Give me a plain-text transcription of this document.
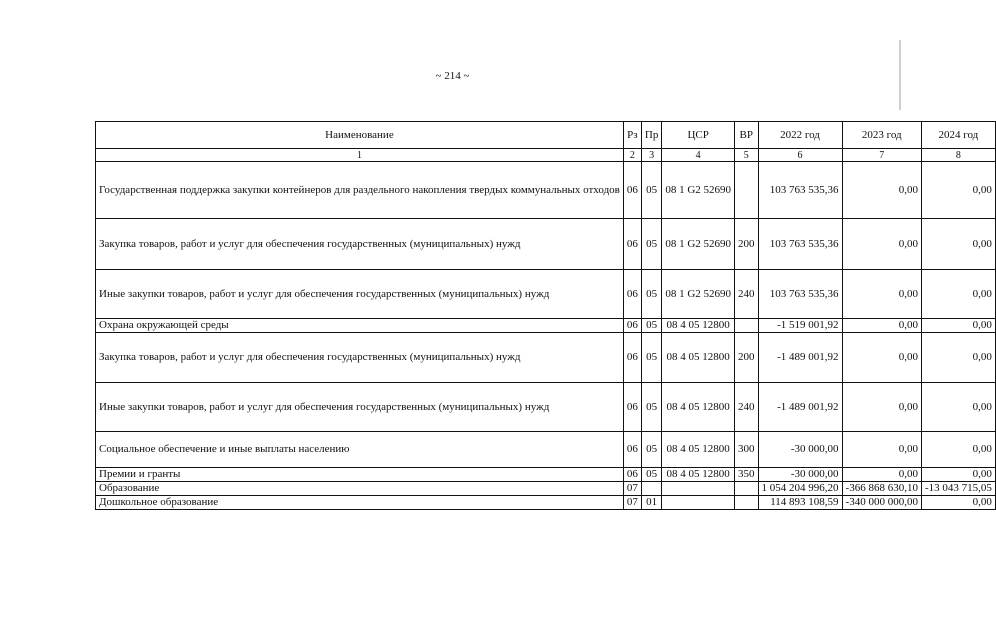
~ 214 ~
Наименование	Рз	Пр	ЦСР	ВР	2022 год	2023 год	2024 год
1	2	3	4	5	6	7	8
Государственная поддержка закупки контейнеров для раздельного накопления твердых коммунальных отходов	06	05	08 1 G2 52690		103 763 535,36	0,00	0,00
Закупка товаров, работ и услуг для обеспечения государственных (муниципальных) нужд	06	05	08 1 G2 52690	200	103 763 535,36	0,00	0,00
Иные закупки товаров, работ и услуг для обеспечения государственных (муниципальных) нужд	06	05	08 1 G2 52690	240	103 763 535,36	0,00	0,00
Охрана окружающей среды	06	05	08 4 05 12800		-1 519 001,92	0,00	0,00
Закупка товаров, работ и услуг для обеспечения государственных (муниципальных) нужд	06	05	08 4 05 12800	200	-1 489 001,92	0,00	0,00
Иные закупки товаров, работ и услуг для обеспечения государственных (муниципальных) нужд	06	05	08 4 05 12800	240	-1 489 001,92	0,00	0,00
Социальное обеспечение и иные выплаты населению	06	05	08 4 05 12800	300	-30 000,00	0,00	0,00
Премии и гранты	06	05	08 4 05 12800	350	-30 000,00	0,00	0,00
Образование	07				1 054 204 996,20	-366 868 630,10	-13 043 715,05
Дошкольное образование	07	01			114 893 108,59	-340 000 000,00	0,00
